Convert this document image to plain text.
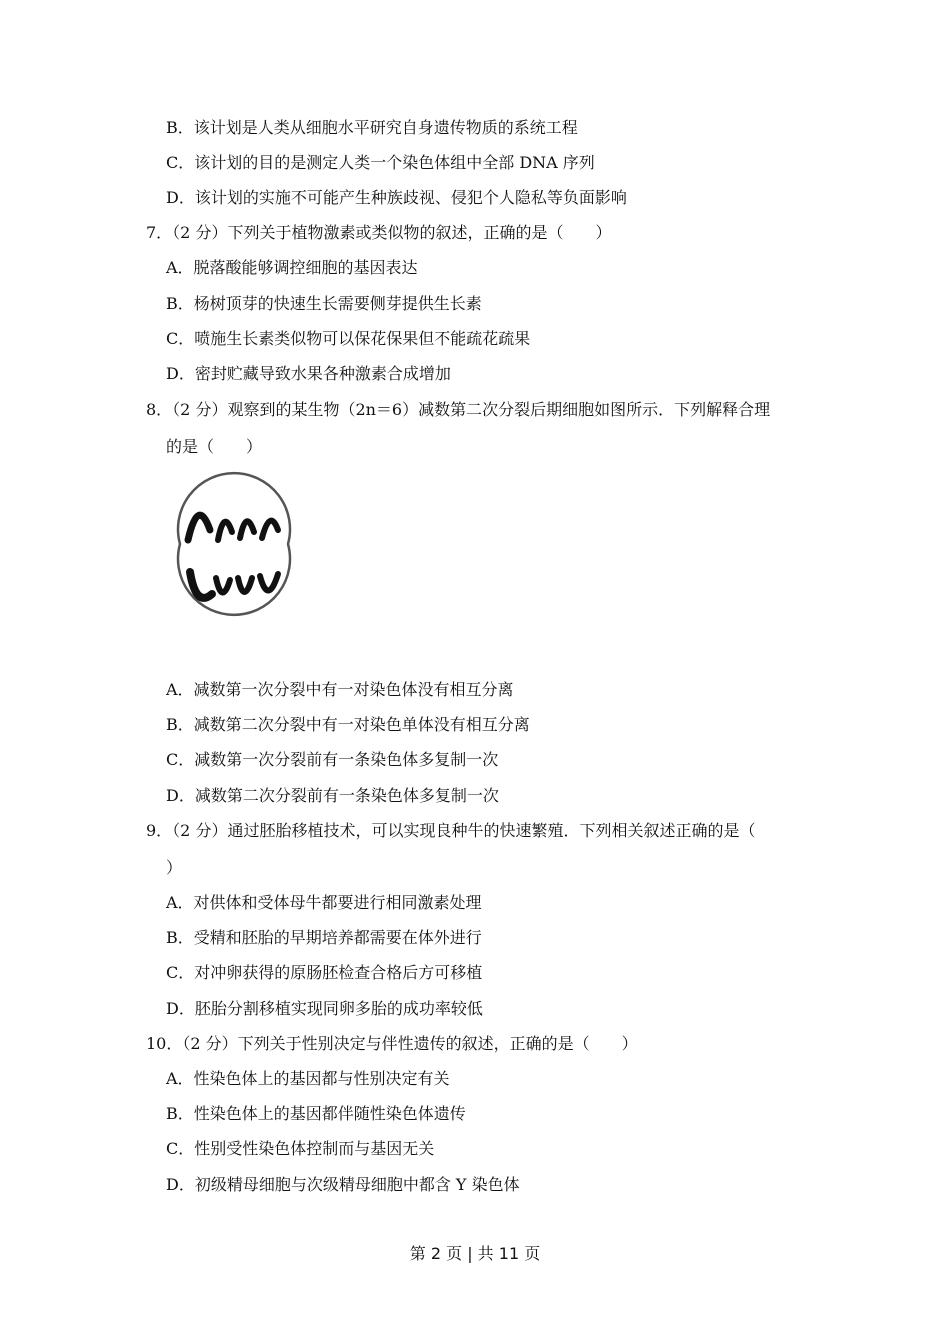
B．该计划是人类从细胞水平研究自身遗传物质的系统工程
C．该计划的目的是测定人类一个染色体组中全部 DNA 序列
D．该计划的实施不可能产生种族歧视、侵犯个人隐私等负面影响
7．（2 分）下列关于植物激素或类似物的叙述，正确的是（　　）
A．脱落酸能够调控细胞的基因表达
B．杨树顶芽的快速生长需要侧芽提供生长素
C．喷施生长素类似物可以保花保果但不能疏花疏果
D．密封贮藏导致水果各种激素合成增加
8．（2 分）观察到的某生物（2n＝6）减数第二次分裂后期细胞如图所示．下列解释合理
的是（　　）
A．减数第一次分裂中有一对染色体没有相互分离
B．减数第二次分裂中有一对染色单体没有相互分离
C．减数第一次分裂前有一条染色体多复制一次
D．减数第二次分裂前有一条染色体多复制一次
9．（2 分）通过胚胎移植技术，可以实现良种牛的快速繁殖．下列相关叙述正确的是（
）
A．对供体和受体母牛都要进行相同激素处理
B．受精和胚胎的早期培养都需要在体外进行
C．对冲卵获得的原肠胚检查合格后方可移植
D．胚胎分割移植实现同卵多胎的成功率较低
10．（2 分）下列关于性别决定与伴性遗传的叙述，正确的是（　　）
A．性染色体上的基因都与性别决定有关
B．性染色体上的基因都伴随性染色体遗传
C．性别受性染色体控制而与基因无关
D．初级精母细胞与次级精母细胞中都含 Y 染色体
第 2 页 | 共 11 页
